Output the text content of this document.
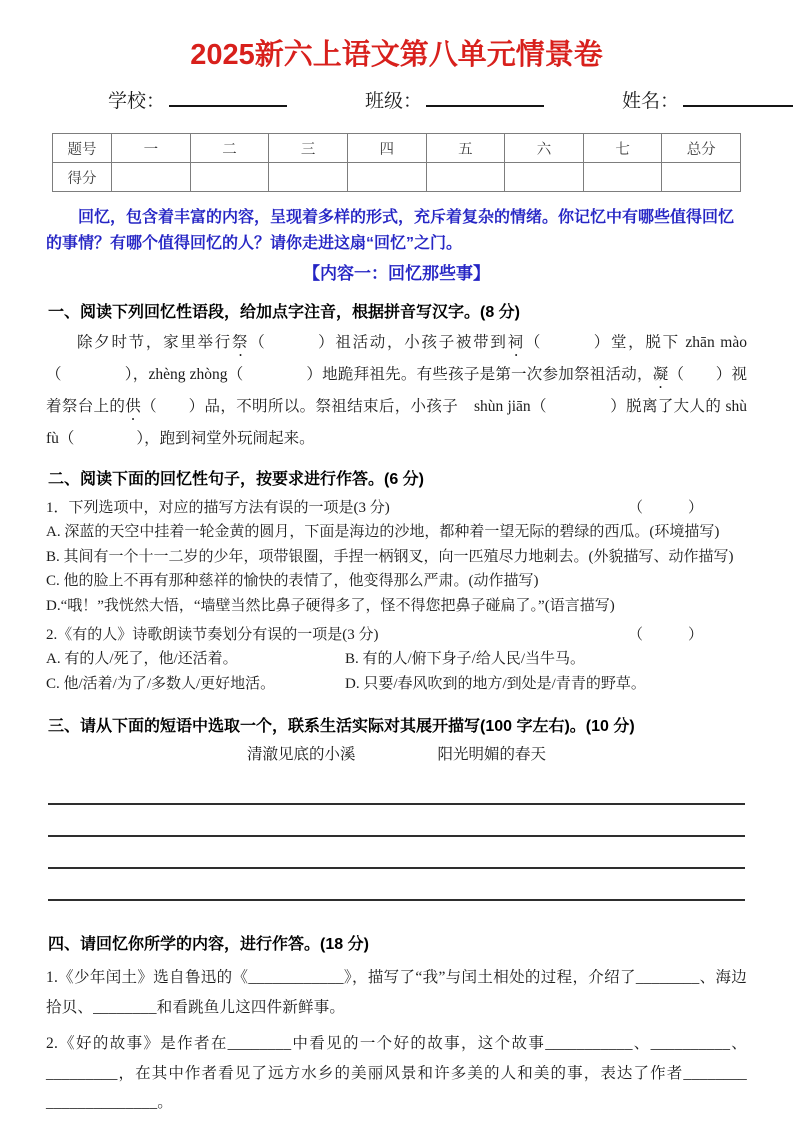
2025新六上语文第八单元情景卷
学校：	班级：	姓名：
题号	一	二	三	四	五	六	七	总分
得分								

回忆，包含着丰富的内容，呈现着多样的形式，充斥着复杂的情绪。你记忆中有哪些值得回忆的事情？有哪个值得回忆的人？请你走进这扇“回忆”之门。

【内容一：回忆那些事】
一、阅读下列回忆性语段，给加点字注音，根据拼音写汉字。(8 分)

除夕时节，家里举行祭（　　　）祖活动，小孩子被带到祠（　　　）堂，脱下 zhān mào（　　　　），zhèng zhòng（　　　　）地跪拜祖先。有些孩子是第一次参加祭祖活动，凝（　　）视着祭台上的供（　　）品，不明所以。祭祖结束后，小孩子　shùn jiān（　　　　）脱离了大人的 shù fù（　　　　），跑到祠堂外玩闹起来。

二、阅读下面的回忆性句子，按要求进行作答。(6 分)
1．下列选项中，对应的描写方法有误的一项是(3 分)	（　　　）

A. 深蓝的天空中挂着一轮金黄的圆月，下面是海边的沙地，都种着一望无际的碧绿的西瓜。(环境描写)

B. 其间有一个十一二岁的少年，项带银圈，手捏一柄钢叉，向一匹殖尽力地刺去。(外貌描写、动作描写)

C. 他的脸上不再有那种慈祥的愉快的表情了，他变得那么严肃。(动作描写)

D.“哦！”我恍然大悟，“墙壁当然比鼻子硬得多了，怪不得您把鼻子碰扁了。”(语言描写)

2.《有的人》诗歌朗读节奏划分有误的一项是(3 分)	（　　　）
A. 有的人/死了，他/还活着。	B. 有的人/俯下身子/给人民/当牛马。
C. 他/活着/为了/多数人/更好地活。	D. 只要/春风吹到的地方/到处是/青青的野草。
三、请从下面的短语中选取一个，联系生活实际对其展开描写(100 字左右)。(10 分)
清澈见底的小溪	阳光明媚的春天
四、请回忆你所学的内容，进行作答。(18 分)

1.《少年闰土》选自鲁迅的《____________》，描写了“我”与闰土相处的过程，介绍了________、海边拾贝、________和看跳鱼儿这四件新鲜事。

2.《好的故事》是作者在________中看见的一个好的故事，这个故事___________、__________、_________，在其中作者看见了远方水乡的美丽风景和许多美的人和美的事，表达了作者________​______________。
